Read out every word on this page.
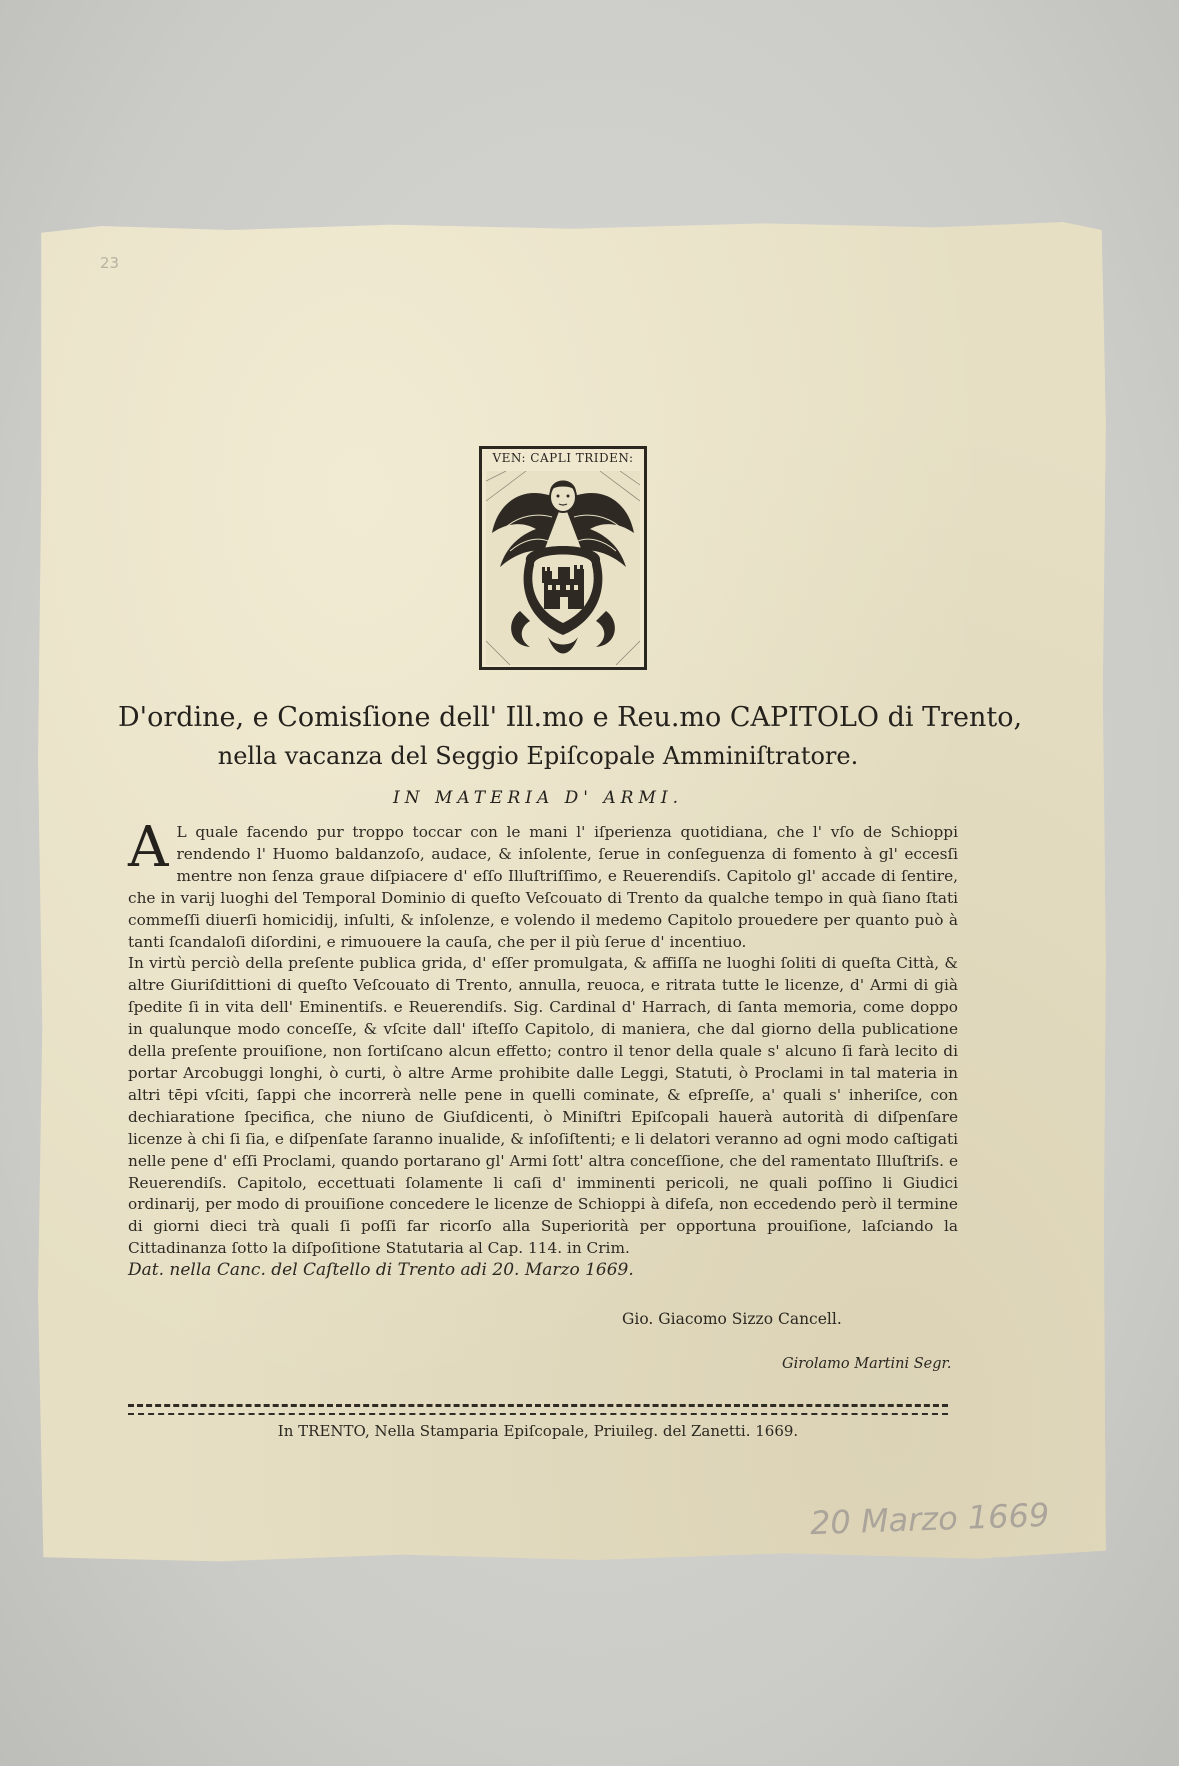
23
VEN: CAPLI TRIDEN:
D'ordine, e Comisſione dell' Ill.mo e Reu.mo CAPITOLO di Trento,
nella vacanza del Seggio Epiſcopale Amminiſtratore.
IN MATERIA D' ARMI.

A L quale facendo pur troppo toccar con le mani l' iſperienza quotidiana, che l' vſo de Schioppi rendendo l' Huomo baldanzoſo, audace, & inſolente, ſerue in conſeguenza di fomento à gl' eccesſi mentre non ſenza graue diſpiacere d' eſſo Illuſtriſſimo, e Reuerendiſs. Capitolo gl' accade di ſentire, che in varij luoghi del Temporal Dominio di queſto Veſcouato di Trento da qualche tempo in quà ſiano ſtati commeſſi diuerſi homicidij, inſulti, & inſolenze, e volendo il medemo Capitolo prouedere per quanto può à tanti ſcandaloſi diſordini, e rimuouere la cauſa, che per il più ſerue d' incentiuo.

In virtù perciò della preſente publica grida, d' eſſer promulgata, & affiſſa ne luoghi ſoliti di queſta Città, & altre Giuriſdittioni di queſto Veſcouato di Trento, annulla, reuoca, e ritrata tutte le licenze, d' Armi di già ſpedite ſi in vita dell' Eminentiſs. e Reuerendiſs. Sig. Cardinal d' Harrach, di ſanta memoria, come doppo in qualunque modo conceſſe, & vſcite dall' iſteſſo Capitolo, di maniera, che dal giorno della publicatione della preſente prouiſione, non ſortiſcano alcun effetto; contro il tenor della quale s' alcuno ſi farà lecito di portar Arcobuggi longhi, ò curti, ò altre Arme prohibite dalle Leggi, Statuti, ò Proclami in tal materia in altri tēpi vſciti, ſappi che incorrerà nelle pene in quelli cominate, & eſpreſſe, a' quali s' inheriſce, con dechiaratione ſpecifica, che niuno de Giuſdicenti, ò Miniſtri Epiſcopali hauerà autorità di diſpenſare licenze à chi ſi ſia, e diſpenſate ſaranno inualide, & inſoſiſtenti; e li delatori veranno ad ogni modo caſtigati nelle pene d' eſſi Proclami, quando portarano gl' Armi ſott' altra conceſſione, che del ramentato Illuſtriſs. e Reuerendiſs. Capitolo, eccettuati ſolamente li caſi d' imminenti pericoli, ne quali poſſino li Giudici ordinarij, per modo di prouiſione concedere le licenze de Schioppi à difeſa, non eccedendo però il termine di giorni dieci trà quali ſi poſſi far ricorſo alla Superiorità per opportuna prouiſione, laſciando la Cittadinanza ſotto la diſpoſitione Statutaria al Cap. 114. in Crim.

Dat. nella Canc. del Caſtello di Trento adi 20. Marzo 1669.
Gio. Giacomo Sizzo Cancell.
Girolamo Martini Segr.
In TRENTO, Nella Stamparia Epiſcopale, Priuileg. del Zanetti. 1669.
20 Marzo 1669
